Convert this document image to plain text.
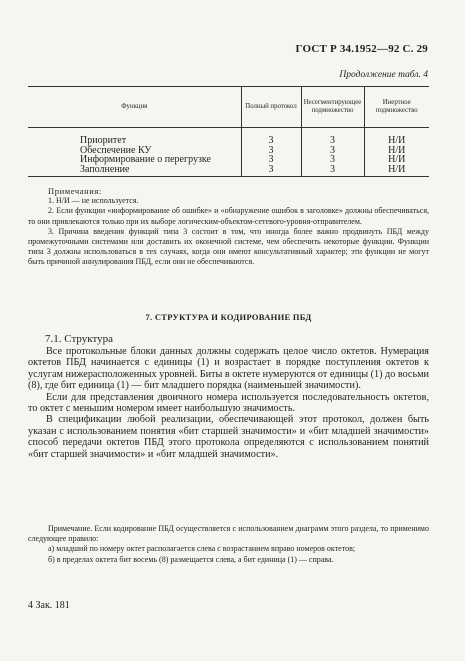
ГОСТ Р 34.1952—92 С. 29
Продолжение табл. 4
Функция	Полный протокол	Несегментирующее подмножество	Инертное подмножество
Приоритет	3	3	Н/И
Обеспечение КУ	3	3	Н/И
Информирование о перегрузке	3	3	Н/И
Заполнение	3	3	Н/И
Примечания:

1. Н/И — не используется.

2. Если функции «информирование об ошибке» и «обнаружение ошибок в заголовке» должны обеспечиваться, то они привлекаются только при их выборе логическим-объектом-сетевого-уровня-отправителем.

3. Причина введения функций типа 3 состоит в том, что иногда более важно продвинуть ПБД между промежуточными системами или доставить их оконечной системе, чем обеспечить некоторые функции. Функции типа 3 должны использоваться в тех случаях, когда они имеют консультативный характер; эти функции не могут быть причиной аннулирования ПБД, если они не обеспечиваются.

7. СТРУКТУРА И КОДИРОВАНИЕ ПБД
7.1. Структура

Все протокольные блоки данных должны содержать целое число октетов. Нумерация октетов ПБД начинается с единицы (1) и возрастает в порядке поступления октетов к услугам нижерасположенных уровней. Биты в октете нумеруются от единицы (1) до восьми (8), где бит единица (1) — бит младшего порядка (наименьшей значимости).

Если для представления двоичного номера используется последовательность октетов, то октет с меньшим номером имеет наибольшую значимость.

В спецификации любой реализации, обеспечивающей этот протокол, должен быть указан с использованием понятия «бит старшей значимости» и «бит младшей значимости» способ передачи октетов ПБД этого протокола определяются с использованием понятий «бит старшей значимости» и «бит младшей значимости».

Примечание. Если кодирование ПБД осуществляется с использованием диаграмм этого раздела, то применимо следующее правило:

а) младший по номеру октет располагается слева с возрастанием вправо номеров октетов;

б) в пределах октета бит восемь (8) размещается слева, а бит единица (1) — справа.

4 Зак. 181
